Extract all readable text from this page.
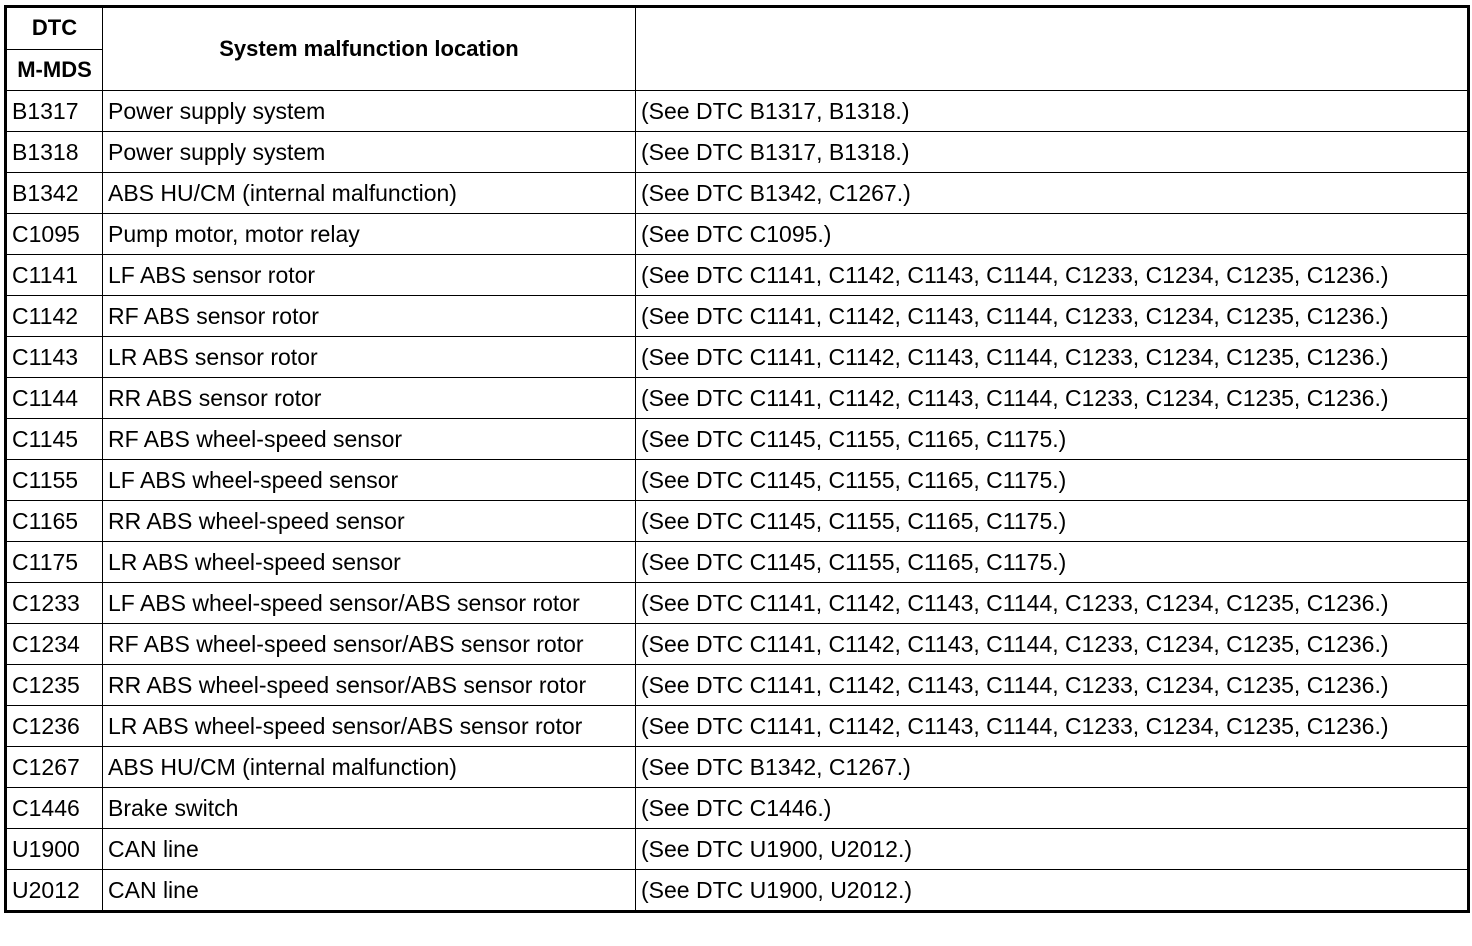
DTC	System malfunction location	
M-MDS		
B1317	Power supply system	(See DTC B1317, B1318.)
B1318	Power supply system	(See DTC B1317, B1318.)
B1342	ABS HU/CM (internal malfunction)	(See DTC B1342, C1267.)
C1095	Pump motor, motor relay	(See DTC C1095.)
C1141	LF ABS sensor rotor	(See DTC C1141, C1142, C1143, C1144, C1233, C1234, C1235, C1236.)
C1142	RF ABS sensor rotor	(See DTC C1141, C1142, C1143, C1144, C1233, C1234, C1235, C1236.)
C1143	LR ABS sensor rotor	(See DTC C1141, C1142, C1143, C1144, C1233, C1234, C1235, C1236.)
C1144	RR ABS sensor rotor	(See DTC C1141, C1142, C1143, C1144, C1233, C1234, C1235, C1236.)
C1145	RF ABS wheel-speed sensor	(See DTC C1145, C1155, C1165, C1175.)
C1155	LF ABS wheel-speed sensor	(See DTC C1145, C1155, C1165, C1175.)
C1165	RR ABS wheel-speed sensor	(See DTC C1145, C1155, C1165, C1175.)
C1175	LR ABS wheel-speed sensor	(See DTC C1145, C1155, C1165, C1175.)
C1233	LF ABS wheel-speed sensor/ABS sensor rotor	(See DTC C1141, C1142, C1143, C1144, C1233, C1234, C1235, C1236.)
C1234	RF ABS wheel-speed sensor/ABS sensor rotor	(See DTC C1141, C1142, C1143, C1144, C1233, C1234, C1235, C1236.)
C1235	RR ABS wheel-speed sensor/ABS sensor rotor	(See DTC C1141, C1142, C1143, C1144, C1233, C1234, C1235, C1236.)
C1236	LR ABS wheel-speed sensor/ABS sensor rotor	(See DTC C1141, C1142, C1143, C1144, C1233, C1234, C1235, C1236.)
C1267	ABS HU/CM (internal malfunction)	(See DTC B1342, C1267.)
C1446	Brake switch	(See DTC C1446.)
U1900	CAN line	(See DTC U1900, U2012.)
U2012	CAN line	(See DTC U1900, U2012.)
